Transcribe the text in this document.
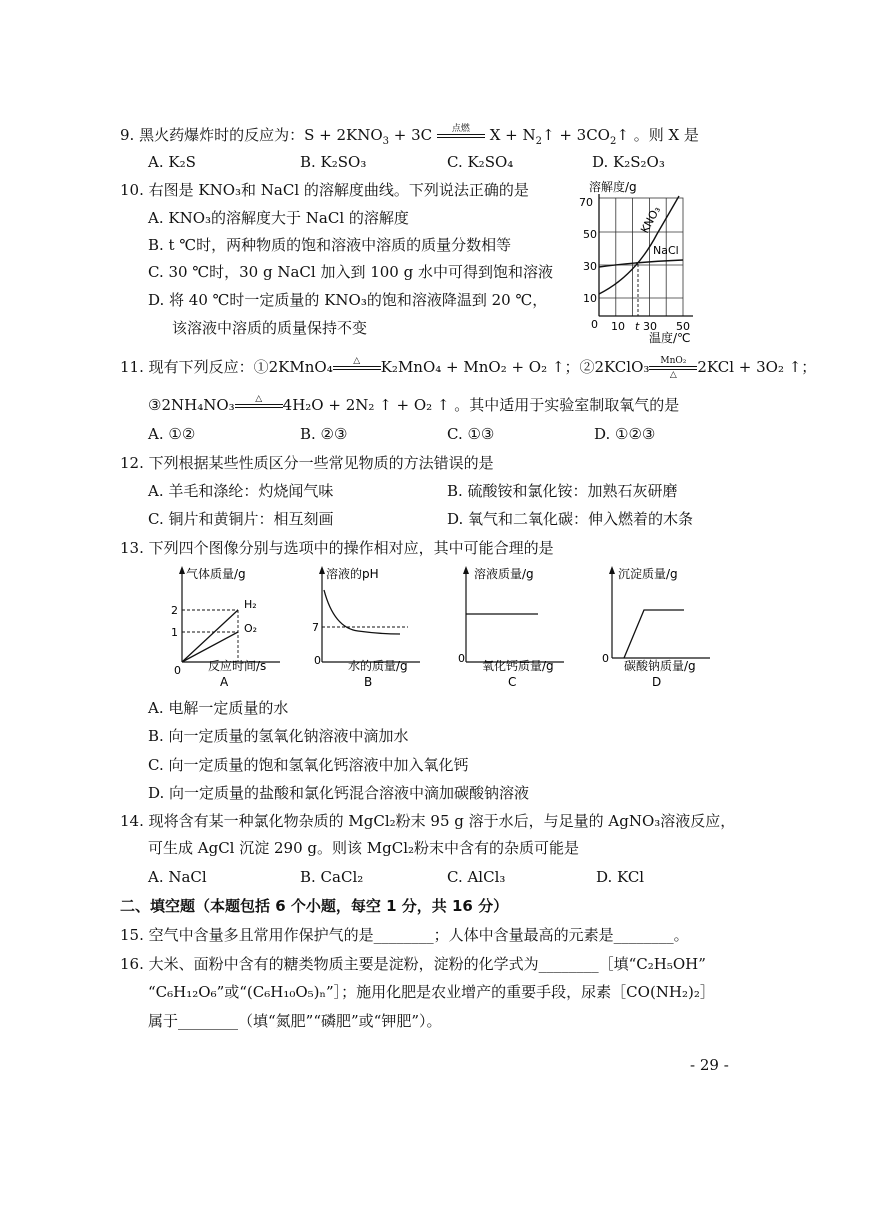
9. 黑火药爆炸时的反应为：$S + 2KNO_3 + 3C$	点燃
	$X + N_2↑$ + $3CO_2↑$ 。则 X 是
A. K₂S	B. K₂SO₃	C. K₂SO₄	D. K₂S₂O₃
10. 右图是 KNO₃和 NaCl 的溶解度曲线。下列说法正确的是
A. KNO₃的溶解度大于 NaCl 的溶解度
B. t ℃时，两种物质的饱和溶液中溶质的质量分数相等
C. 30 ℃时，30 g NaCl 加入到 100 g 水中可得到饱和溶液
D. 将 40 ℃时一定质量的 KNO₃的饱和溶液降温到 20 ℃，
该溶液中溶质的质量保持不变
溶解度/g
KNO₃
NaCl
70
50
30
10
0 10 t 30 50
温度/℃
11. 现有下列反应：①2KMnO₄	△
	K₂MnO₄ + MnO₂ + O₂ ↑；②2KClO₃	MnO₂
△	2KCl + 3O₂ ↑；
③2NH₄NO₃	△
	4H₂O + 2N₂ ↑ + O₂ ↑ 。其中适用于实验室制取氧气的是
A. ①②	B. ②③	C. ①③	D. ①②③
12. 下列根据某些性质区分一些常见物质的方法错误的是
A. 羊毛和涤纶：灼烧闻气味	B. 硫酸铵和氯化铵：加熟石灰研磨
C. 铜片和黄铜片：相互刻画	D. 氧气和二氧化碳：伸入燃着的木条
13. 下列四个图像分别与选项中的操作相对应，其中可能合理的是
气体质量/g
H₂
O₂
2
1
0 反应时间/s
A
溶液的pH
7
0 水的质量/g
B
溶液质量/g
0
氧化钙质量/g
C
沉淀质量/g
0
碳酸钠质量/g
D
A. 电解一定质量的水
B. 向一定质量的氢氧化钠溶液中滴加水
C. 向一定质量的饱和氢氧化钙溶液中加入氧化钙
D. 向一定质量的盐酸和氯化钙混合溶液中滴加碳酸钠溶液
14. 现将含有某一种氯化物杂质的 MgCl₂粉末 95 g 溶于水后，与足量的 AgNO₃溶液反应，
可生成 AgCl 沉淀 290 g。则该 MgCl₂粉末中含有的杂质可能是
A. NaCl	B. CaCl₂	C. AlCl₃	D. KCl
二、填空题（本题包括 6 个小题，每空 1 分，共 16 分）
15. 空气中含量多且常用作保护气的是________；人体中含量最高的元素是________。
16. 大米、面粉中含有的糖类物质主要是淀粉，淀粉的化学式为________［填“C₂H₅OH”
“C₆H₁₂O₆”或“(C₆H₁₀O₅)ₙ”］；施用化肥是农业增产的重要手段，尿素［CO(NH₂)₂］
属于________（填“氮肥”“磷肥”或“钾肥”）。
- 29 -
